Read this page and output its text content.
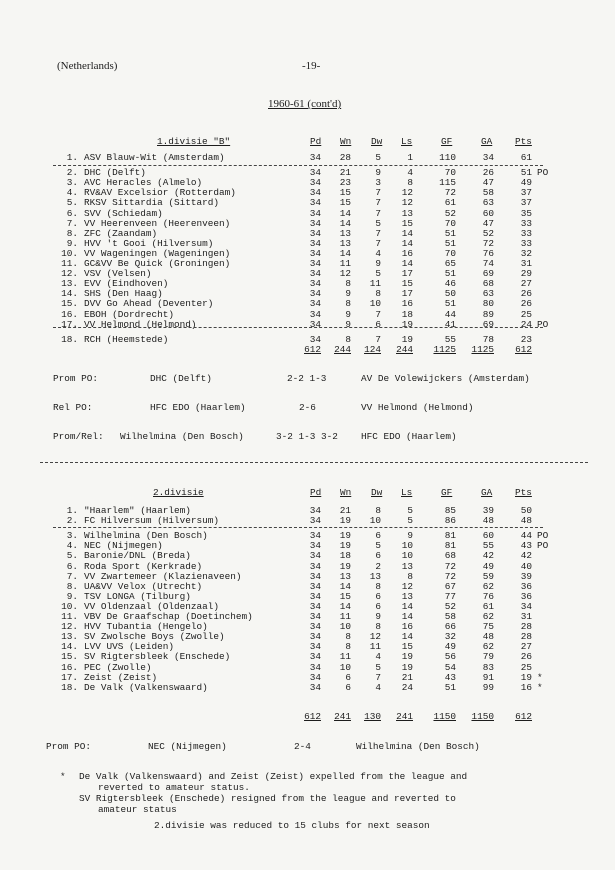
(Netherlands)	-19-
1960-61 (cont'd)
1.divisie "B"	Pd Wn Dw Ls	GF	GA Pts
1. ASV Blauw-Wit (Amsterdam)	34	28	5	1	110	34	61
2. DHC (Delft)	34	21	9	4	70	26	51 PO
3. AVC Heracles (Almelo)	34	23	3	8	115	47	49
4. RV&AV Excelsior (Rotterdam)	34	15	7	12	72	58	37
5. RKSV Sittardia (Sittard)	34	15	7	12	61	63	37
6. SVV (Schiedam)	34	14	7	13	52	60	35
7. VV Heerenveen (Heerenveen)	34	14	5	15	70	47	33
8. ZFC (Zaandam)	34	13	7	14	51	52	33
9. HVV 't Gooi (Hilversum)	34	13	7	14	51	72	33
10. VV Wageningen (Wageningen)	34	14	4	16	70	76	32
11. GC&VV Be Quick (Groningen)	34	11	9	14	65	74	31
12. VSV (Velsen)	34	12	5	17	51	69	29
13. EVV (Eindhoven)	34	8	11	15	46	68	27
14. SHS (Den Haag)	34	9	8	17	50	63	26
15. DVV Go Ahead (Deventer)	34	8	10	16	51	80	26
16. EBOH (Dordrecht)	34	9	7	18	44	89	25
17. VV Helmond (Helmond)	34	9	6	19	41	69	24 PO
18. RCH (Heemstede)	34	8	7	19	55	78	23
612	244	124	244	1125	1125	612
Prom PO:	DHC (Delft)	2-2 1-3	AV De Volewijckers (Amsterdam)
Rel PO:	HFC EDO (Haarlem)	2-6	VV Helmond (Helmond)
Prom/Rel: Wilhelmina (Den Bosch)	3-2 1-3 3-2 HFC EDO (Haarlem)
2.divisie	Pd Wn Dw Ls	GF	GA Pts
1. "Haarlem" (Haarlem)	34	21	8	5	85	39	50
2. FC Hilversum (Hilversum)	34	19	10	5	86	48	48
3. Wilhelmina (Den Bosch)	34	19	6	9	81	60	44 PO
4. NEC (Nijmegen)	34	19	5	10	81	55	43 PO
5. Baronie/DNL (Breda)	34	18	6	10	68	42	42
6. Roda Sport (Kerkrade)	34	19	2	13	72	49	40
7. VV Zwartemeer (Klazienaveen)	34	13	13	8	72	59	39
8. UA&VV Velox (Utrecht)	34	14	8	12	67	62	36
9. TSV LONGA (Tilburg)	34	15	6	13	77	76	36
10. VV Oldenzaal (Oldenzaal)	34	14	6	14	52	61	34
11. VBV De Graafschap (Doetinchem)	34	11	9	14	58	62	31
12. HVV Tubantia (Hengelo)	34	10	8	16	66	75	28
13. SV Zwolsche Boys (Zwolle)	34	8	12	14	32	48	28
14. LVV UVS (Leiden)	34	8	11	15	49	62	27
15. SV Rigtersbleek (Enschede)	34	11	4	19	56	79	26
16. PEC (Zwolle)	34	10	5	19	54	83	25
17. Zeist (Zeist)	34	6	7	21	43	91	19 *
18. De Valk (Valkenswaard)	34	6	4	24	51	99	16 *
612	241	130	241	1150	1150	612
Prom PO:	NEC (Nijmegen)	2-4	Wilhelmina (Den Bosch)
* De Valk (Valkenswaard) and Zeist (Zeist) expelled from the league and
reverted to amateur status.
SV Rigtersbleek (Enschede) resigned from the league and reverted to
amateur status
2.divisie was reduced to 15 clubs for next season
